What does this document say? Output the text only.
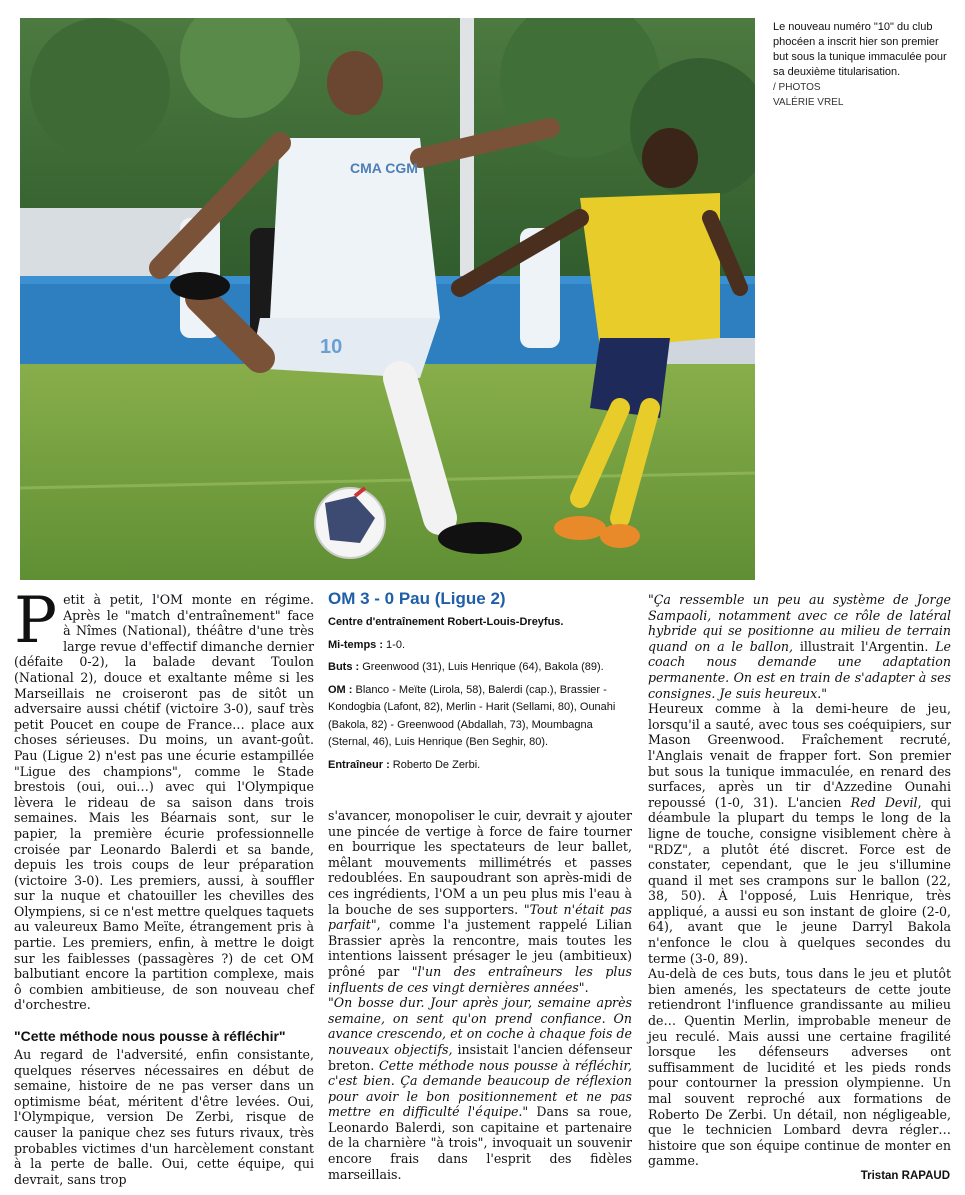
CMA CGM
10
Le nouveau numéro "10" du club phocéen a inscrit hier son premier but sous la tunique immaculée pour sa deuxième titularisation.
/ PHOTOS
VALÉRIE VREL

Petit à petit, l'OM monte en régime. Après le "match d'entraînement" face à Nîmes (National), théâtre d'une très large revue d'effectif dimanche dernier (défaite 0-2), la balade devant Toulon (National 2), douce et exaltante même si les Marseillais ne croiseront pas de sitôt un adversaire aussi chétif (victoire 3-0), sauf très petit Poucet en coupe de France… place aux choses sérieuses. Du moins, un avant-goût. Pau (Ligue 2) n'est pas une écurie estampillée "Ligue des champions", comme le Stade brestois (oui, oui…) avec qui l'Olympique lèvera le rideau de sa saison dans trois semaines. Mais les Béarnais sont, sur le papier, la première écurie professionnelle croisée par Leonardo Balerdi et sa bande, depuis les trois coups de leur préparation (victoire 3-0). Les premiers, aussi, à souffler sur la nuque et chatouiller les chevilles des Olympiens, si ce n'est mettre quelques taquets au valeureux Bamo Meïte, étrangement pris à partie. Les premiers, enfin, à mettre le doigt sur les faiblesses (passagères ?) de cet OM balbutiant encore la partition complexe, mais ô combien ambitieuse, de son nouveau chef d'orchestre.

"Cette méthode nous pousse à réfléchir"

Au regard de l'adversité, enfin consistante, quelques réserves nécessaires en début de semaine, histoire de ne pas verser dans un optimisme béat, méritent d'être levées. Oui, l'Olympique, version De Zerbi, risque de causer la panique chez ses futurs rivaux, très probables victimes d'un harcèlement constant à la perte de balle. Oui, cette équipe, qui devrait, sans trop

OM 3 - 0 Pau (Ligue 2)
Centre d'entraînement Robert-Louis-Dreyfus.
Mi-temps : 1-0.
Buts : Greenwood (31), Luis Henrique (64), Bakola (89).
OM : Blanco - Meïte (Lirola, 58), Balerdi (cap.), Brassier - Kondogbia (Lafont, 82), Merlin - Harit (Sellami, 80), Ounahi (Bakola, 82) - Greenwood (Abdallah, 73), Moumbagna (Sternal, 46), Luis Henrique (Ben Seghir, 80).
Entraîneur : Roberto De Zerbi.

s'avancer, monopoliser le cuir, devrait y ajouter une pincée de vertige à force de faire tourner en bourrique les spectateurs de leur ballet, mêlant mouvements millimétrés et passes redoublées. En saupoudrant son après-midi de ces ingrédients, l'OM a un peu plus mis l'eau à la bouche de ses supporters. "Tout n'était pas parfait", comme l'a justement rappelé Lilian Brassier après la rencontre, mais toutes les intentions laissent présager le jeu (ambitieux) prôné par "l'un des entraîneurs les plus influents de ces vingt dernières années".

"On bosse dur. Jour après jour, semaine après semaine, on sent qu'on prend confiance. On avance crescendo, et on coche à chaque fois de nouveaux objectifs, insistait l'ancien défenseur breton. Cette méthode nous pousse à réfléchir, c'est bien. Ça demande beaucoup de réflexion pour avoir le bon positionnement et ne pas mettre en difficulté l'équipe." Dans sa roue, Leonardo Balerdi, son capitaine et partenaire de la charnière "à trois", invoquait un souvenir encore frais dans l'esprit des fidèles marseillais.

"Ça ressemble un peu au système de Jorge Sampaoli, notamment avec ce rôle de latéral hybride qui se positionne au milieu de terrain quand on a le ballon, illustrait l'Argentin. Le coach nous demande une adaptation permanente. On est en train de s'adapter à ses consignes. Je suis heureux."

Heureux comme à la demi-heure de jeu, lorsqu'il a sauté, avec tous ses coéquipiers, sur Mason Greenwood. Fraîchement recruté, l'Anglais venait de frapper fort. Son premier but sous la tunique immaculée, en renard des surfaces, après un tir d'Azzedine Ounahi repoussé (1-0, 31). L'ancien Red Devil, qui déambule la plupart du temps le long de la ligne de touche, consigne visiblement chère à "RDZ", a plutôt été discret. Force est de constater, cependant, que le jeu s'illumine quand il met ses crampons sur le ballon (22, 38, 50). À l'opposé, Luis Henrique, très appliqué, a aussi eu son instant de gloire (2-0, 64), avant que le jeune Darryl Bakola n'enfonce le clou à quelques secondes du terme (3-0, 89).

Au-delà de ces buts, tous dans le jeu et plutôt bien amenés, les spectateurs de cette joute retiendront l'influence grandissante au milieu de… Quentin Merlin, improbable meneur de jeu reculé. Mais aussi une certaine fragilité lorsque les défenseurs adverses ont suffisamment de lucidité et les pieds ronds pour contourner la pression olympienne. Un mal souvent reproché aux formations de Roberto De Zerbi. Un détail, non négligeable, que le technicien Lombard devra régler… histoire que son équipe continue de monter en gamme.

Tristan RAPAUD
